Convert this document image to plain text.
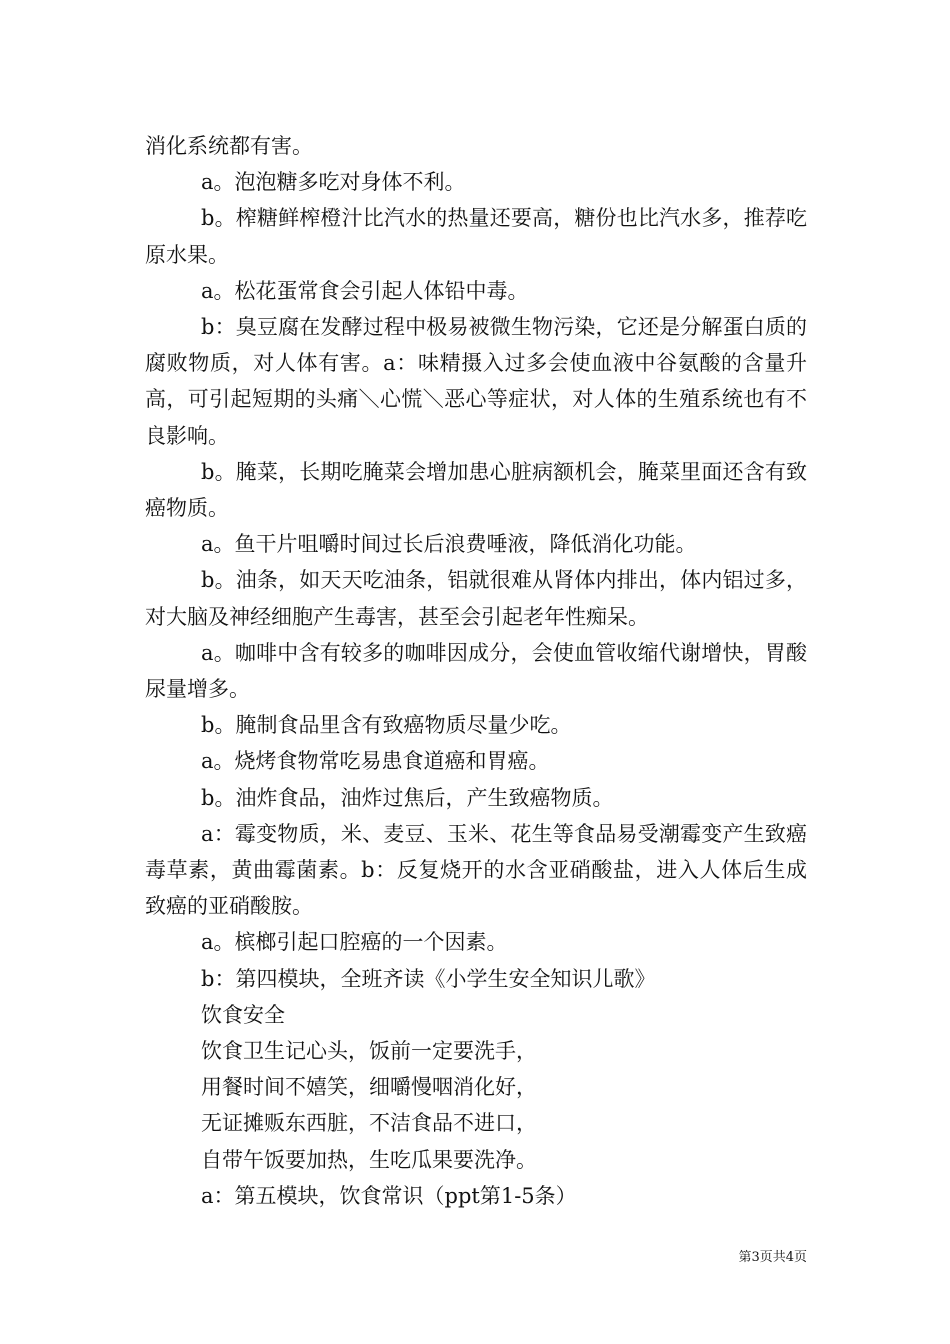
消化系统都有害。

a。泡泡糖多吃对身体不利。

b。榨糖鲜榨橙汁比汽水的热量还要高，糖份也比汽水多，推荐吃原水果。

a。松花蛋常食会引起人体铅中毒。

b：臭豆腐在发酵过程中极易被微生物污染，它还是分解蛋白质的腐败物质，对人体有害。a：味精摄入过多会使血液中谷氨酸的含量升高，可引起短期的头痛＼心慌＼恶心等症状，对人体的生殖系统也有不良影响。

b。腌菜，长期吃腌菜会增加患心脏病额机会，腌菜里面还含有致癌物质。

a。鱼干片咀嚼时间过长后浪费唾液，降低消化功能。

b。油条，如天天吃油条，铝就很难从肾体内排出，体内铝过多，对大脑及神经细胞产生毒害，甚至会引起老年性痴呆。

a。咖啡中含有较多的咖啡因成分，会使血管收缩代谢增快，胃酸尿量增多。

b。腌制食品里含有致癌物质尽量少吃。

a。烧烤食物常吃易患食道癌和胃癌。

b。油炸食品，油炸过焦后，产生致癌物质。

a：霉变物质，米、麦豆、玉米、花生等食品易受潮霉变产生致癌毒草素，黄曲霉菌素。b：反复烧开的水含亚硝酸盐，进入人体后生成致癌的亚硝酸胺。

a。槟榔引起口腔癌的一个因素。

b：第四模块，全班齐读《小学生安全知识儿歌》

饮食安全

饮食卫生记心头，饭前一定要洗手，

用餐时间不嬉笑，细嚼慢咽消化好，

无证摊贩东西脏，不洁食品不进口，

自带午饭要加热，生吃瓜果要洗净。

a：第五模块，饮食常识（ppt第1-5条）

第3页共4页
